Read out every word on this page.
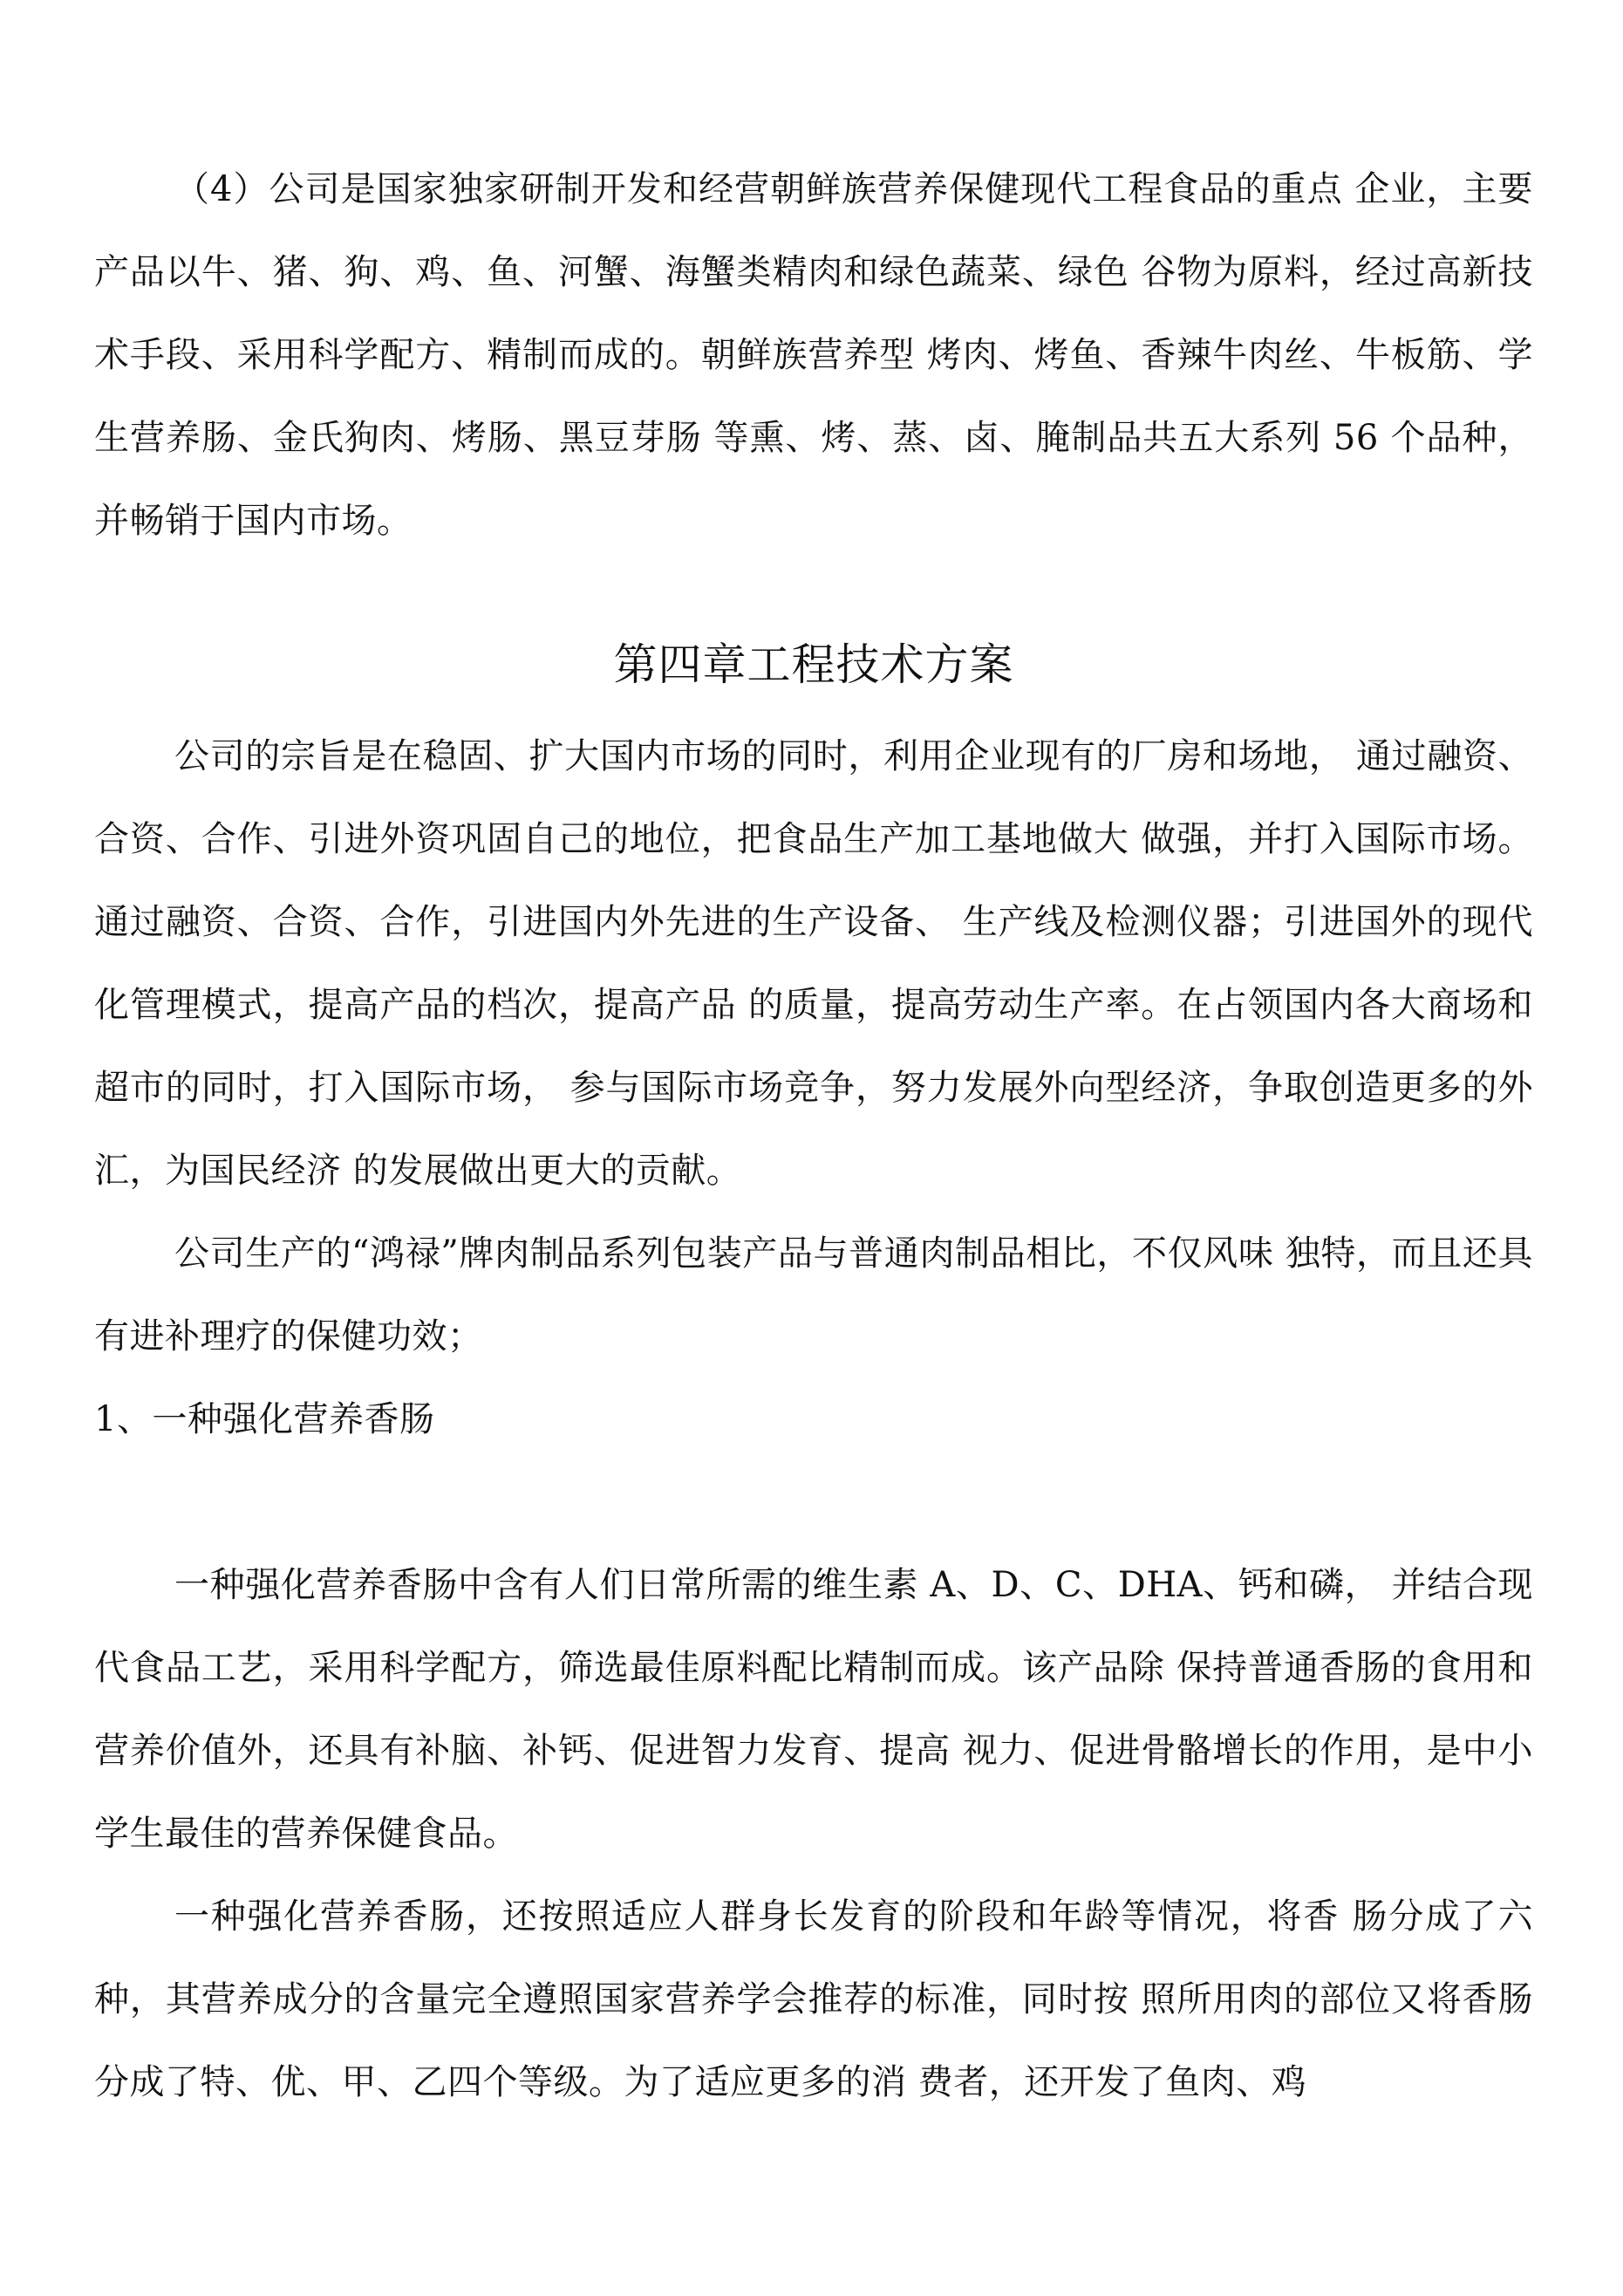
（4）公司是国家独家研制开发和经营朝鲜族营养保健现代工程食品的重点 企业，主要产品以牛、猪、狗、鸡、鱼、河蟹、海蟹类精肉和绿色蔬菜、绿色 谷物为原料，经过高新技术手段、采用科学配方、精制而成的。朝鲜族营养型 烤肉、烤鱼、香辣牛肉丝、牛板筋、学生营养肠、金氏狗肉、烤肠、黑豆芽肠 等熏、烤、蒸、卤、腌制品共五大系列 56 个品种，并畅销于国内市场。

第四章工程技术方案

公司的宗旨是在稳固、扩大国内市场的同时，利用企业现有的厂房和场地， 通过融资、合资、合作、引进外资巩固自己的地位，把食品生产加工基地做大 做强，并打入国际市场。通过融资、合资、合作，引进国内外先进的生产设备、 生产线及检测仪器；引进国外的现代化管理模式，提高产品的档次，提高产品 的质量，提高劳动生产率。在占领国内各大商场和超市的同时，打入国际市场， 参与国际市场竞争，努力发展外向型经济，争取创造更多的外汇，为国民经济 的发展做出更大的贡献。

公司生产的“鸿禄”牌肉制品系列包装产品与普通肉制品相比，不仅风味 独特，而且还具有进补理疗的保健功效；

1、一种强化营养香肠

一种强化营养香肠中含有人们日常所需的维生素 A、D、C、DHA、钙和磷， 并结合现代食品工艺，采用科学配方，筛选最佳原料配比精制而成。该产品除 保持普通香肠的食用和营养价值外，还具有补脑、补钙、促进智力发育、提高 视力、促进骨骼增长的作用，是中小学生最佳的营养保健食品。

一种强化营养香肠，还按照适应人群身长发育的阶段和年龄等情况，将香 肠分成了六种，其营养成分的含量完全遵照国家营养学会推荐的标准，同时按 照所用肉的部位又将香肠分成了特、优、甲、乙四个等级。为了适应更多的消 费者，还开发了鱼肉、鸡
